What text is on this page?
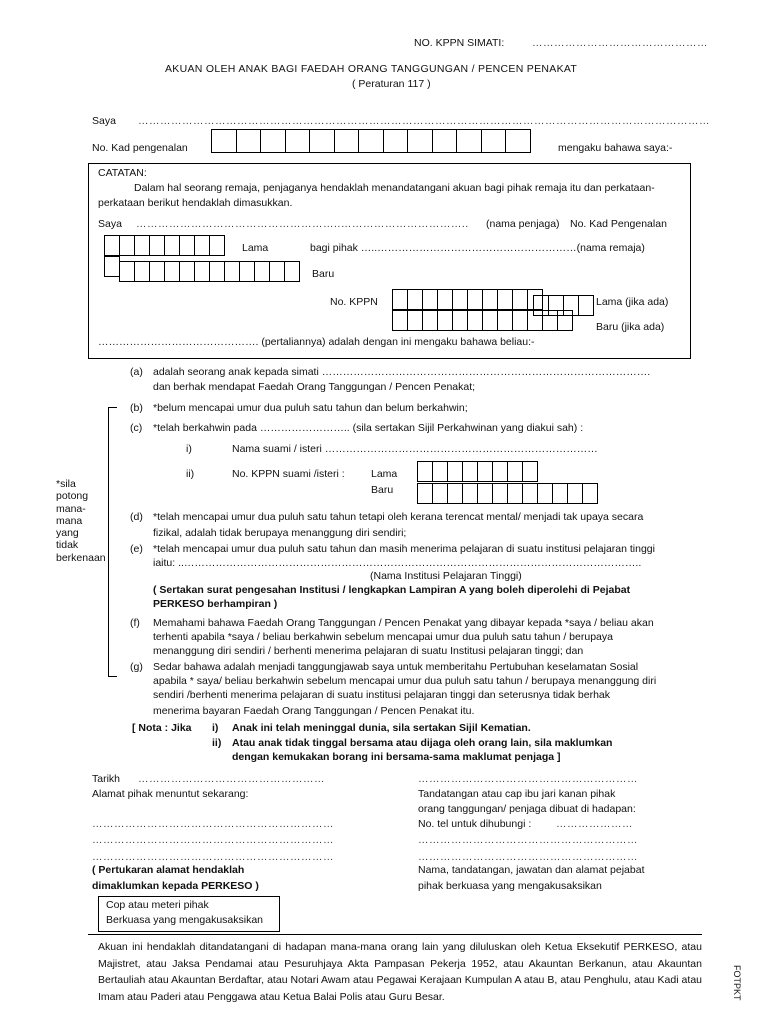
NO. KPPN SIMATI:	…………………………………………
AKUAN OLEH ANAK BAGI FAEDAH ORANG TANGGUNGAN / PENCEN PENAKAT
( Peraturan 117 )
Saya …………………………………………………………………………………………………………………………………………
No. Kad pengenalan	mengaku bahawa saya:-
CATATAN:
Dalam hal seorang remaja, penjaganya hendaklah menandatangani akuan bagi pihak remaja itu dan perkataan-
perkataan berikut hendaklah dimasukkan.
Saya ………………………………………………..…………………………….. (nama penjaga) No. Kad Pengenalan
Lama	bagi pihak …..…………………………………………………(nama remaja)
Baru
No. KPPN	Lama (jika ada)
Baru (jika ada)
………………………………………. (pertaliannya) adalah dengan ini mengaku bahawa beliau:-
(a) adalah seorang anak kepada simati ………………………………………………………………………………….
dan berhak mendapat Faedah Orang Tanggungan / Pencen Penakat;
*sila
potong
mana-
mana
yang
tidak
berkenaan
(b) *belum mencapai umur dua puluh satu tahun dan belum berkahwin;
(c) *telah berkahwin pada …………………….. (sila sertakan Sijil Perkahwinan yang diakui sah) :
i)	Nama suami / isteri ……………………………………………………………………
ii)	No. KPPN suami /isteri :	Lama
Baru
(d) *telah mencapai umur dua puluh satu tahun tetapi oleh kerana terencat mental/ menjadi tak upaya secara
fizikal, adalah tidak berupaya menanggung diri sendiri;
(e) *telah mencapai umur dua puluh satu tahun dan masih menerima pelajaran di suatu institusi pelajaran tinggi
iaitu: ..…………………………………………………………………………………………………………………..
(Nama Institusi Pelajaran Tinggi)
( Sertakan surat pengesahan Institusi / lengkapkan Lampiran A yang boleh diperolehi di Pejabat
PERKESO berhampiran )
(f) Memahami bahawa Faedah Orang Tanggungan / Pencen Penakat yang dibayar kepada *saya / beliau akan
terhenti apabila *saya / beliau berkahwin sebelum mencapai umur dua puluh satu tahun / berupaya
menanggung diri sendiri / berhenti menerima pelajaran di suatu Institusi pelajaran tinggi; dan
(g) Sedar bahawa adalah menjadi tanggungjawab saya untuk memberitahu Pertubuhan keselamatan Sosial
apabila * saya/ beliau berkahwin sebelum mencapai umur dua puluh satu tahun / berupaya menanggung diri
sendiri /berhenti menerima pelajaran di suatu institusi pelajaran tinggi dan seterusnya tidak berhak
menerima bayaran Faedah Orang Tanggungan / Pencen Penakat itu.
[ Nota : Jika i) Anak ini telah meninggal dunia, sila sertakan Sijil Kematian.
ii) Atau anak tidak tinggal bersama atau dijaga oleh orang lain, sila maklumkan
dengan kemukakan borang ini bersama-sama maklumat penjaga ]
Tarikh ……………………………………………
Alamat pihak menuntut sekarang:
…………………………………………………………
…………………………………………………………
…………………………………………………………
( Pertukaran alamat hendaklah
dimaklumkan kepada PERKESO )
……………………………………………………
Tandatangan atau cap ibu jari kanan pihak
orang tanggungan/ penjaga dibuat di hadapan:
No. tel untuk dihubungi : …………………
……………………………………………………
……………………………………………………
Nama, tandatangan, jawatan dan alamat pejabat
pihak berkuasa yang mengakusaksikan
Cop atau meteri pihak
Berkuasa yang mengakusaksikan
Akuan ini hendaklah ditandatangani di hadapan mana-mana orang lain yang diluluskan oleh Ketua Eksekutif PERKESO, atau Majistret, atau Jaksa Pendamai atau Pesuruhjaya Akta Pampasan Pekerja 1952, atau Akauntan Berkanun, atau Akauntan Bertauliah atau Akauntan Berdaftar, atau Notari Awam atau Pegawai Kerajaan Kumpulan A atau B, atau Penghulu, atau Kadi atau Imam atau Paderi atau Penggawa atau Ketua Balai Polis atau Guru Besar.	FOTPKT
